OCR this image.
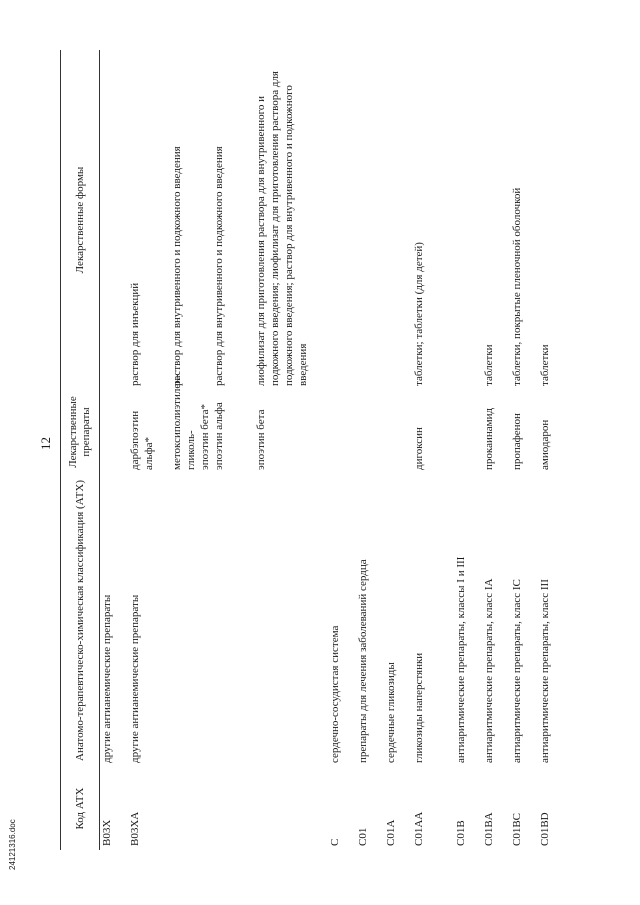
12
Код АТХ	Анатомо-терапевтическо-химическая классификация (АТХ)	Лекарственные препараты	Лекарственные формы
B03X	другие антианемические препараты		
B03XA	другие антианемические препараты	дарбэпоэтин альфа*	раствор для инъекций
		метоксиполиэтилен-гликоль-эпоэтин бета*	раствор для внутривенного и подкожного введения
		эпоэтин альфа	раствор для внутривенного и подкожного введения
		эпоэтин бета	лиофилизат для приготовления раствора для внутривенного и подкожного введения; лиофилизат для приготовления раствора для подкожного введения; раствор для внутривенного и подкожного введения
C	сердечно-сосудистая система		
C01	препараты для лечения заболеваний сердца		
C01A	сердечные гликозиды		
C01AA	гликозиды наперстянки	дигоксин	таблетки; таблетки (для детей)
C01B	антиаритмические препараты, классы I и III		
C01BA	антиаритмические препараты, класс IA	прокаинамид	таблетки
C01BC	антиаритмические препараты, класс IC	пропафенон	таблетки, покрытые пленочной оболочкой
C01BD	антиаритмические препараты, класс III	амиодарон	таблетки
24121316.doc
